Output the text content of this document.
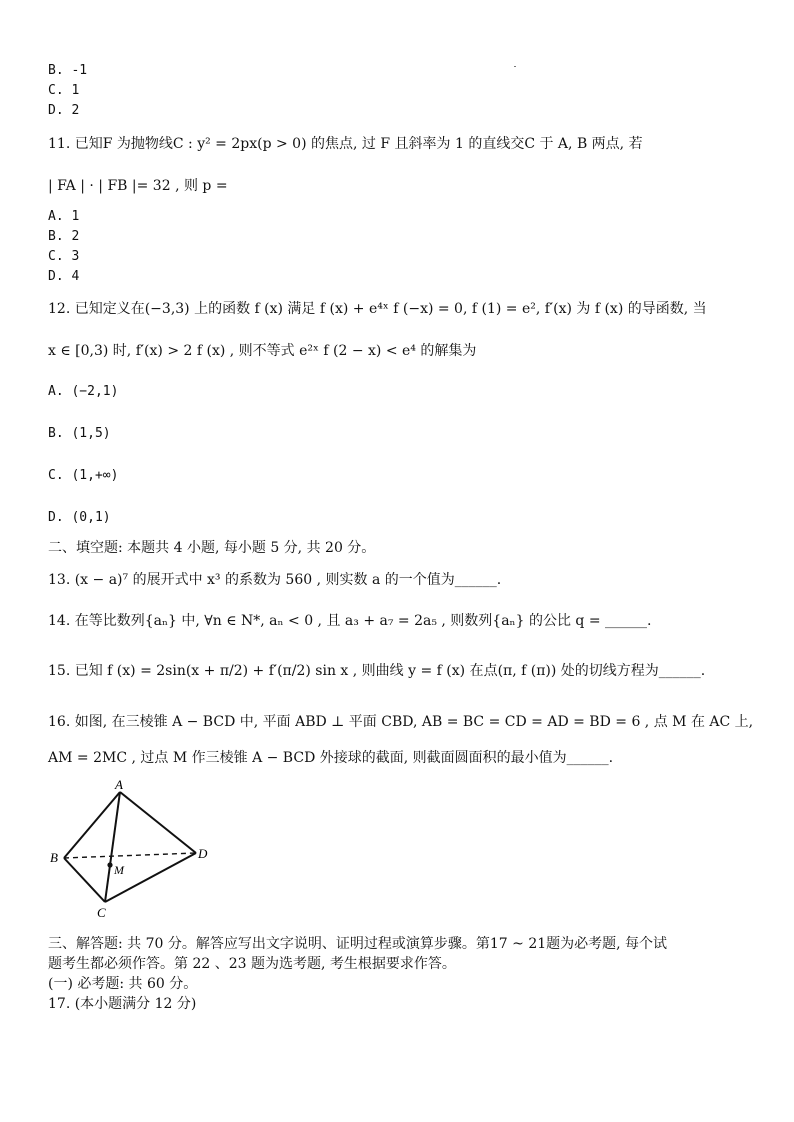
B. -1
C. 1
D. 2
11. 已知F 为抛物线C : y² = 2px(p > 0) 的焦点, 过 F 且斜率为 1 的直线交C 于 A, B 两点, 若
| FA | · | FB |= 32 , 则 p =
A. 1
B. 2
C. 3
D. 4
12. 已知定义在(−3,3) 上的函数 f (x) 满足 f (x) + e⁴ˣ f (−x) = 0, f (1) = e², f′(x) 为 f (x) 的导函数, 当
x ∈ [0,3) 时, f′(x) > 2 f (x) , 则不等式 e²ˣ f (2 − x) < e⁴ 的解集为
A. (−2,1)
B. (1,5)
C. (1,+∞)
D. (0,1)
二、填空题: 本题共 4 小题, 每小题 5 分, 共 20 分。
13. (x − a)⁷ 的展开式中 x³ 的系数为 560 , 则实数 a 的一个值为______.
14. 在等比数列{aₙ} 中, ∀n ∈ N*, aₙ < 0 , 且 a₃ + a₇ = 2a₅ , 则数列{aₙ} 的公比 q = ______.
15. 已知 f (x) = 2sin(x + π/2) + f′(π/2) sin x , 则曲线 y = f (x) 在点(π, f (π)) 处的切线方程为______.
16. 如图, 在三棱锥 A − BCD 中, 平面 ABD ⊥ 平面 CBD, AB = BC = CD = AD = BD = 6 , 点 M 在 AC 上,
AM = 2MC , 过点 M 作三棱锥 A − BCD 外接球的截面, 则截面圆面积的最小值为______.
A
B
C
D
M
三、解答题: 共 70 分。解答应写出文字说明、证明过程或演算步骤。第17 ~ 21题为必考题, 每个试
题考生都必须作答。第 22 、23 题为选考题, 考生根据要求作答。
(一) 必考题: 共 60 分。
17. (本小题满分 12 分)
